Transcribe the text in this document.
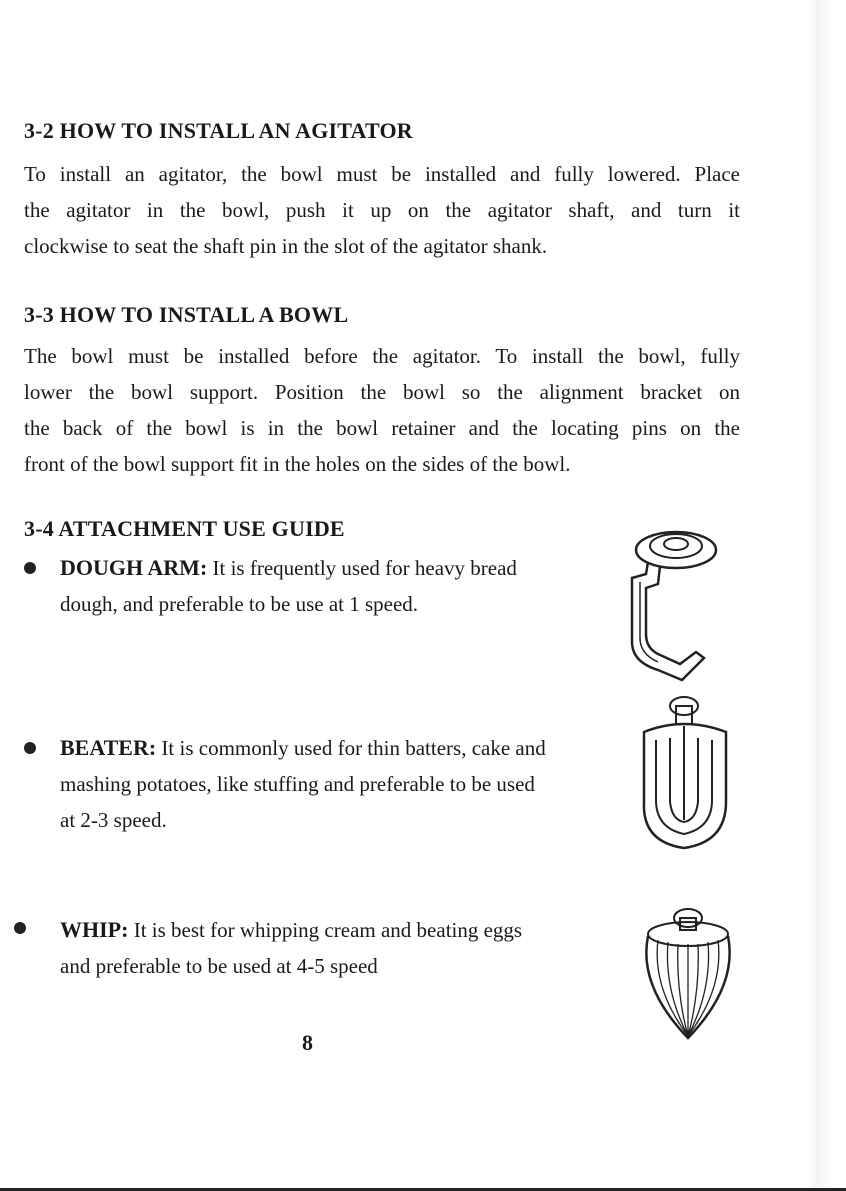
3-2 HOW TO INSTALL AN AGITATOR
To install an agitator, the bowl must be installed and fully lowered. Place
the agitator in the bowl, push it up on the agitator shaft, and turn it
clockwise to seat the shaft pin in the slot of the agitator shank.
3-3 HOW TO INSTALL A BOWL
The bowl must be installed before the agitator. To install the bowl, fully
lower the bowl support. Position the bowl so the alignment bracket on
the back of the bowl is in the bowl retainer and the locating pins on the
front of the bowl support fit in the holes on the sides of the bowl.
3-4 ATTACHMENT USE GUIDE
DOUGH ARM: It is frequently used for heavy bread
dough, and preferable to be use at 1 speed.
BEATER: It is commonly used for thin batters, cake and
mashing potatoes, like stuffing and preferable to be used
at 2-3 speed.
WHIP: It is best for whipping cream and beating eggs
and preferable to be used at 4-5 speed
8
